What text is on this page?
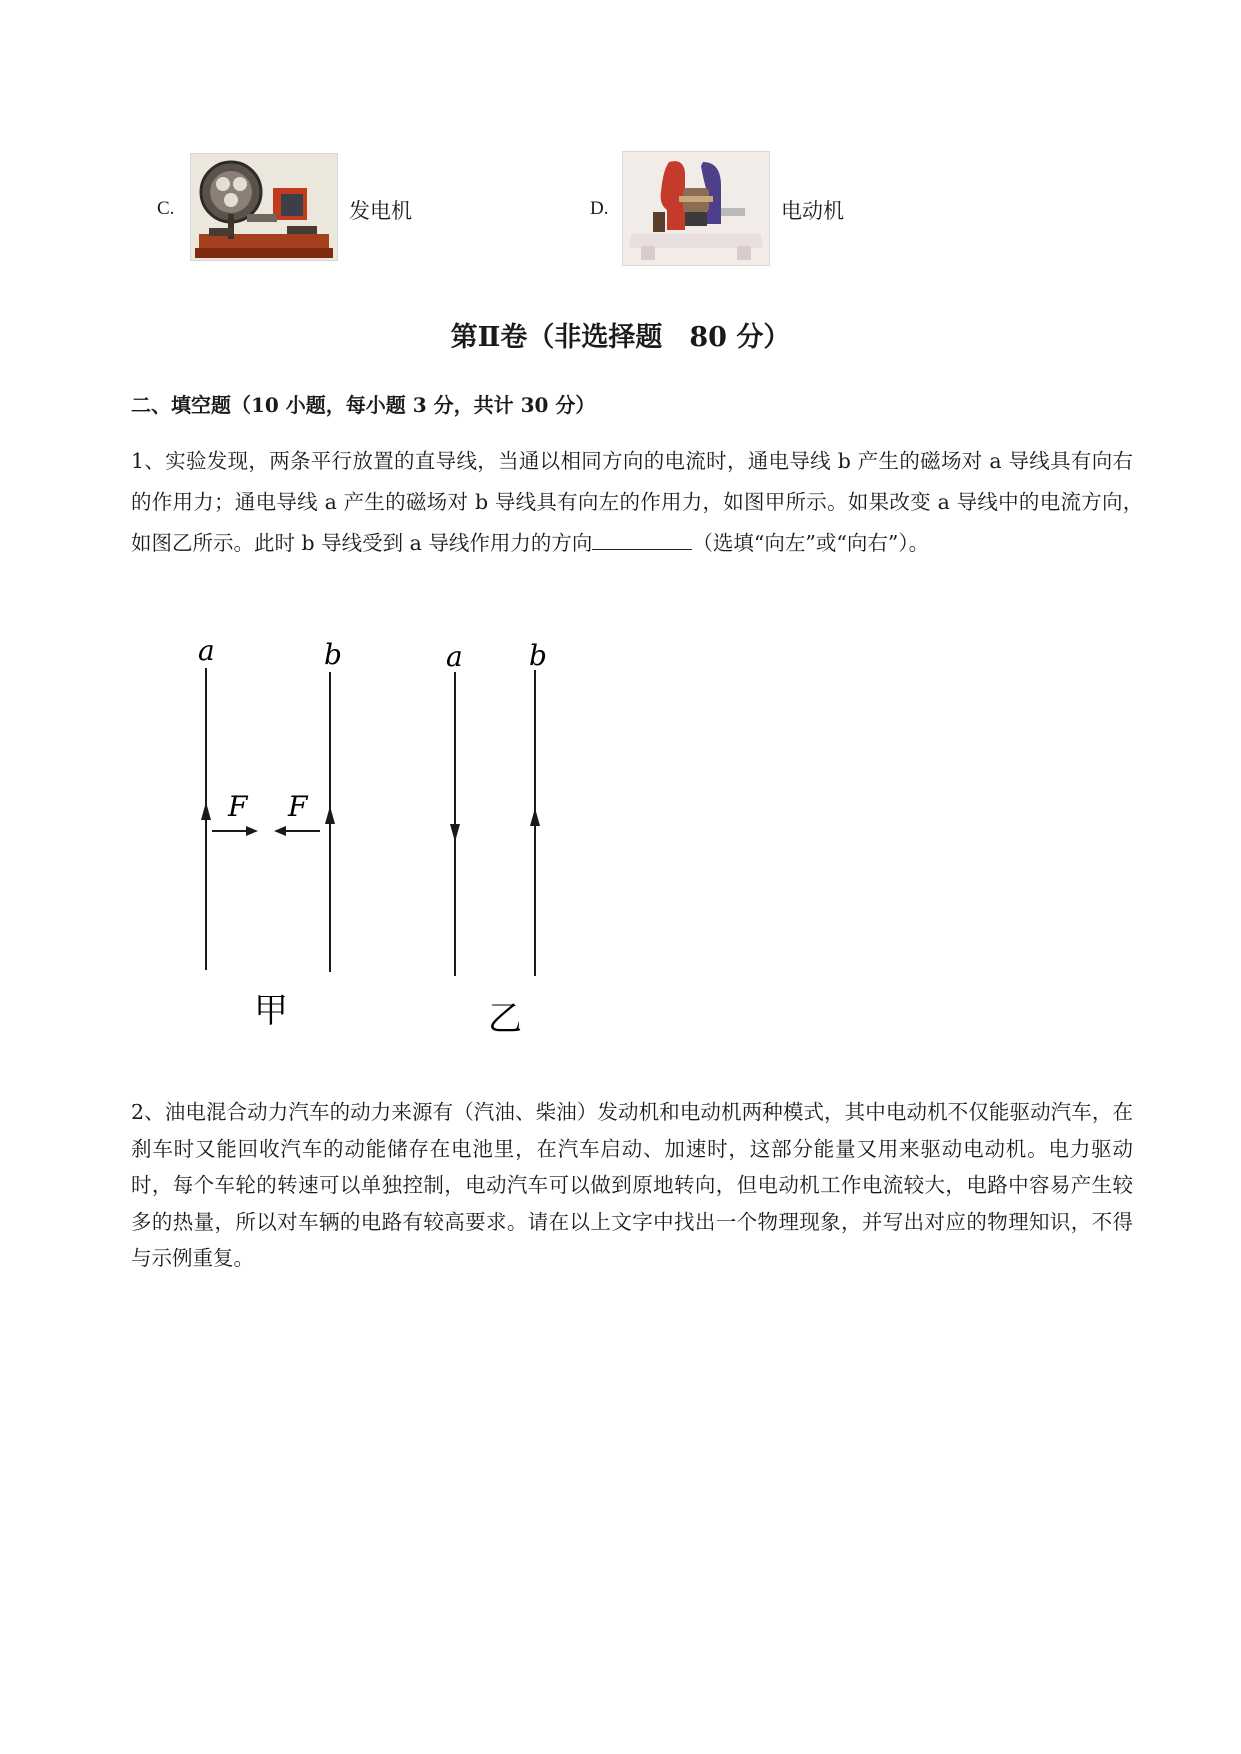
C.	发电机	D.	电动机
第Ⅱ卷（非选择题　80 分）
二、填空题（10 小题，每小题 3 分，共计 30 分）
1、实验发现，两条平行放置的直导线，当通以相同方向的电流时，通电导线 b 产生的磁场对 a 导线具有向右的作用力；通电导线 a 产生的磁场对 b 导线具有向左的作用力，如图甲所示。如果改变 a 导线中的电流方向，　如图乙所示。此时 b 导线受到 a 导线作用力的方向	（选填“向左”或“向右”）。
a	b
F F
a b
甲	乙
2、油电混合动力汽车的动力来源有（汽油、柴油）发动机和电动机两种模式，其中电动机不仅能驱动汽车，在刹车时又能回收汽车的动能储存在电池里，在汽车启动、加速时，这部分能量又用来驱动电动机。电力驱动时，每个车轮的转速可以单独控制，电动汽车可以做到原地转向，但电动机工作电流较大，电路中容易产生较多的热量，所以对车辆的电路有较高要求。请在以上文字中找出一个物理现象，并写出对应的物理知识，不得与示例重复。
